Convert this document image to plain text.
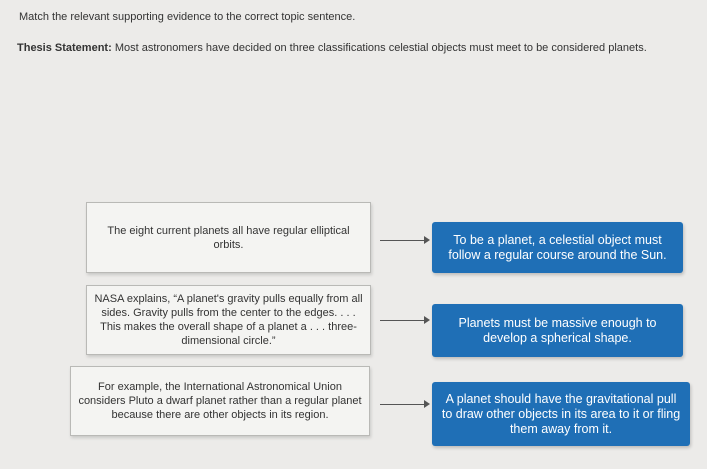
Match the relevant supporting evidence to the correct topic sentence.
Thesis Statement: Most astronomers have decided on three classifications celestial objects must meet to be considered planets.
The eight current planets all have regular elliptical orbits.	To be a planet, a celestial object must follow a regular course around the Sun.
NASA explains, “A planet's gravity pulls equally from all sides. Gravity pulls from the center to the edges. . . . This makes the overall shape of a planet a . . . three-dimensional circle.”
Planets must be massive enough to develop a spherical shape.
For example, the International Astronomical Union considers Pluto a dwarf planet rather than a regular planet because there are other objects in its region.
A planet should have the gravitational pull to draw other objects in its area to it or fling them away from it.
